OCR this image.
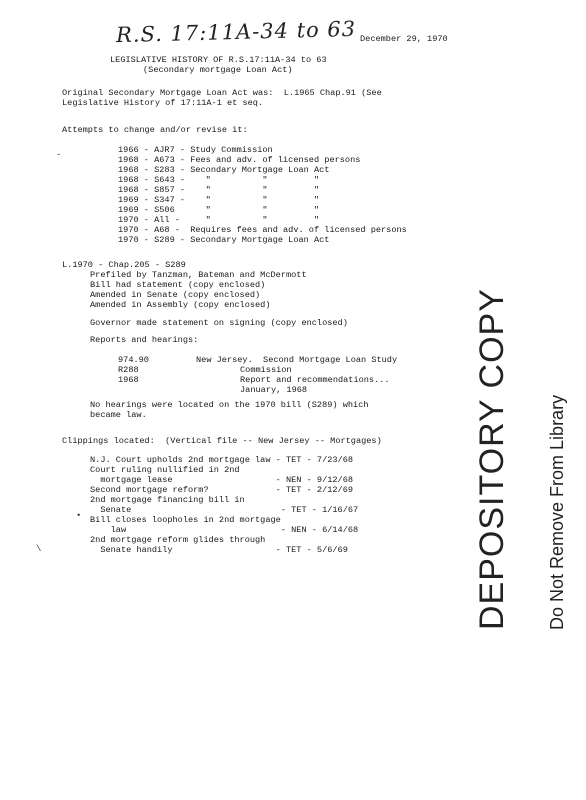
R.S. 17:11A-34 to 63 December 29, 1970
LEGISLATIVE HISTORY OF R.S.17:11A-34 to 63
(Secondary mortgage Loan Act)
Original Secondary Mortgage Loan Act was:  L.1965 Chap.91 (See
Legislative History of 17:11A-1 et seq.
Attempts to change and/or revise it:
1966 - AJR7 - Study Commission
1968 - A673 - Fees and adv. of licensed persons
1968 - S283 - Secondary Mortgage Loan Act
1968 - S643 -    "          "         "
1968 - S857 -    "          "         "
1969 - S347 -    "          "         "
1969 - S506      "          "         "
1970 - All -     "          "         "
1970 - A68 -  Requires fees and adv. of licensed persons
1970 - S289 - Secondary Mortgage Loan Act
L.1970 - Chap.205 - S289
Prefiled by Tanzman, Bateman and McDermott
Bill had statement (copy enclosed)
Amended in Senate (copy enclosed)
Amended in Assembly (copy enclosed)
Governor made statement on signing (copy enclosed)
Reports and hearings:
974.90	New Jersey.  Second Mortgage Loan Study
R288	Commission
1968	Report and recommendations...
January, 1968
No hearings were located on the 1970 bill (S289) which
became law.
Clippings located:  (Vertical file -- New Jersey -- Mortgages)
N.J. Court upholds 2nd mortgage law - TET - 7/23/68
Court ruling nullified in 2nd
mortgage lease                    - NEN - 9/12/68
Second mortgage reform?             - TET - 2/12/69
2nd mortgage financing bill in
Senate                             - TET - 1/16/67
Bill closes loopholes in 2nd mortgage
law                              - NEN - 6/14/68
2nd mortgage reform glides through
Senate handily                    - TET - 5/6/69
•
-
\

	DEPOSITORY COPY

Do Not Remove From Library
